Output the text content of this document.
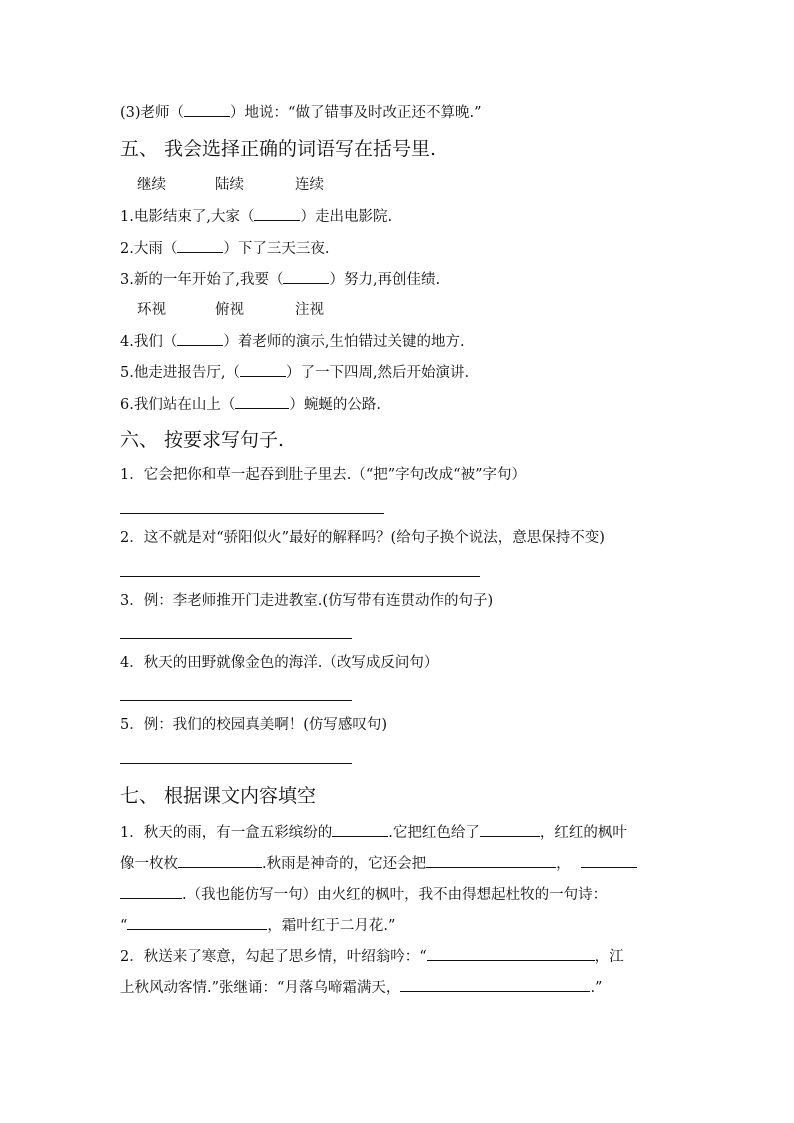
(3)老师（	）地说：“做了错事及时改正还不算晚.”
五、 我会选择正确的词语写在括号里.
继续	陆续	连续
1.电影结束了,大家（	）走出电影院.
2.大雨（	）下了三天三夜.
3.新的一年开始了,我要（	）努力,再创佳绩.
环视	俯视	注视
4.我们（	）着老师的演示,生怕错过关键的地方.
5.他走进报告厅,（	）了一下四周,然后开始演讲.
6.我们站在山上（	）蜿蜒的公路.
六、 按要求写句子.
1．它会把你和草一起吞到肚子里去.（“把”字句改成“被”字句）
2．这不就是对“骄阳似火”最好的解释吗？(给句子换个说法，意思保持不变)
3．例：李老师推开门走进教室.(仿写带有连贯动作的句子)
4．秋天的田野就像金色的海洋.（改写成反问句）
5．例：我们的校园真美啊！(仿写感叹句)
七、 根据课文内容填空
1．秋天的雨，有一盒五彩缤纷的	.它把红色给了	，红红的枫叶
像一枚枚	.秋雨是神奇的，它还会把	，
.（我也能仿写一句）由火红的枫叶，我不由得想起杜牧的一句诗：
“	，霜叶红于二月花.”
2．秋送来了寒意，勾起了思乡情，叶绍翁吟：“	，江
上秋风动客情.”张继诵：“月落乌啼霜满天，	.”
